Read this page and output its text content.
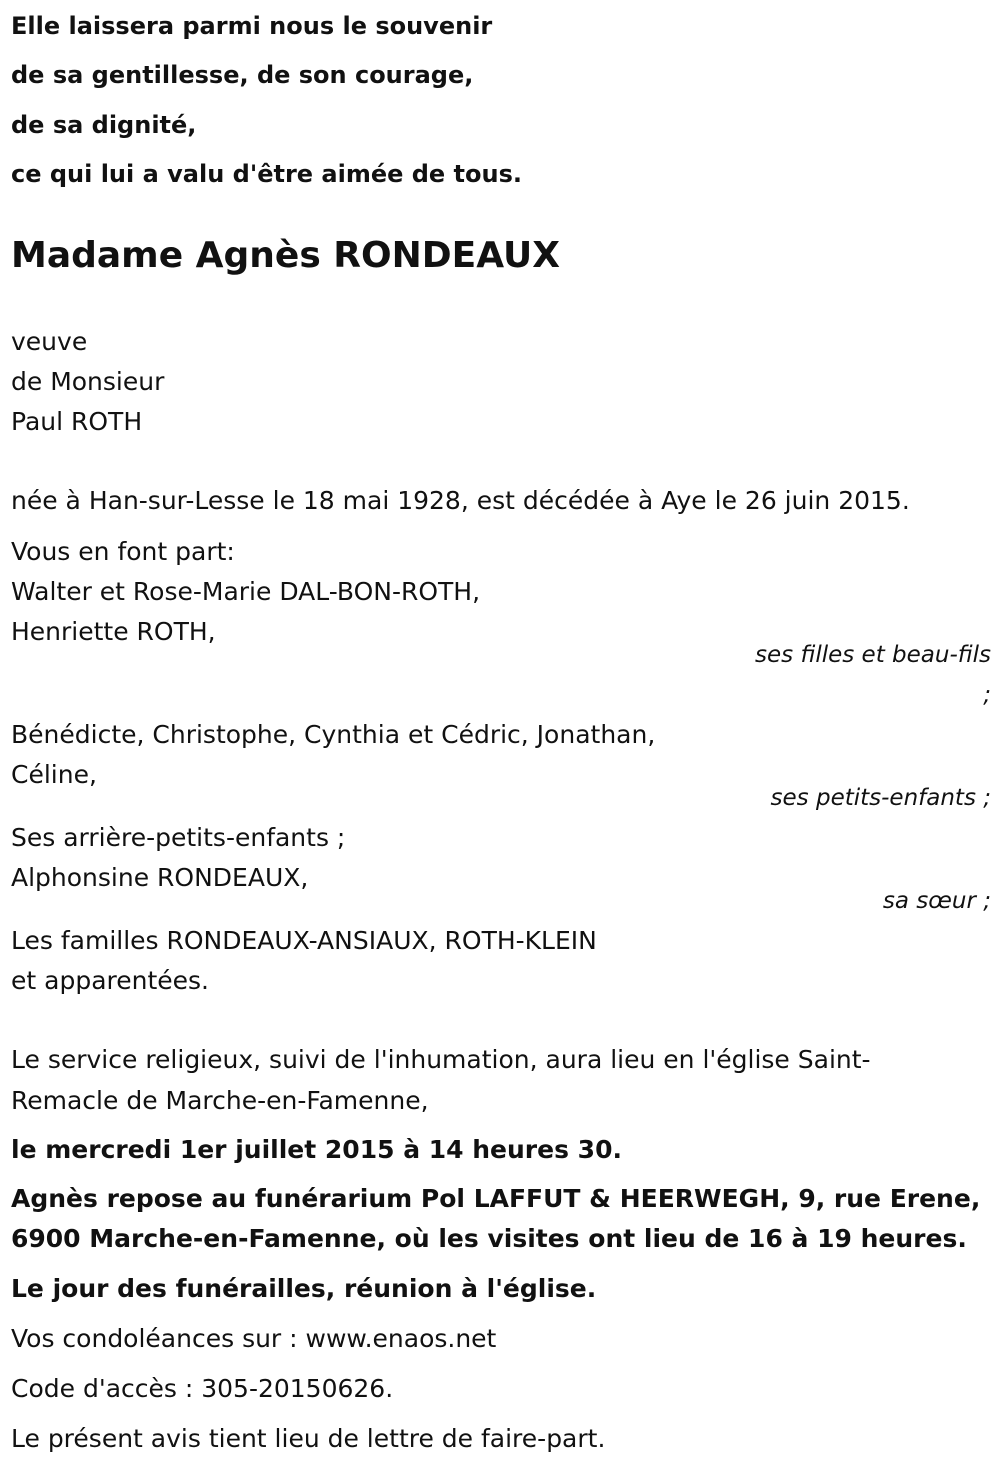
Elle laissera parmi nous le souvenir
de sa gentillesse, de son courage,
de sa dignité,
ce qui lui a valu d'être aimée de tous.
Madame Agnès RONDEAUX
veuve
de Monsieur
Paul ROTH
née à Han-sur-Lesse le 18 mai 1928, est décédée à Aye le 26 juin 2015.
Vous en font part:
Walter et Rose-Marie DAL-BON-ROTH,
Henriette ROTH,
ses filles et beau-fils
;
Bénédicte, Christophe, Cynthia et Cédric, Jonathan,
Céline,
ses petits-enfants ;
Ses arrière-petits-enfants ;
Alphonsine RONDEAUX,
sa sœur ;
Les familles RONDEAUX-ANSIAUX, ROTH-KLEIN
et apparentées.
Le service religieux, suivi de l'inhumation, aura lieu en l'église Saint-
Remacle de Marche-en-Famenne,
le mercredi 1er juillet 2015 à 14 heures 30.
Agnès repose au funérarium Pol LAFFUT & HEERWEGH, 9, rue Erene,
6900 Marche-en-Famenne, où les visites ont lieu de 16 à 19 heures.
Le jour des funérailles, réunion à l'église.
Vos condoléances sur : www.enaos.net
Code d'accès : 305-20150626.
Le présent avis tient lieu de lettre de faire-part.
